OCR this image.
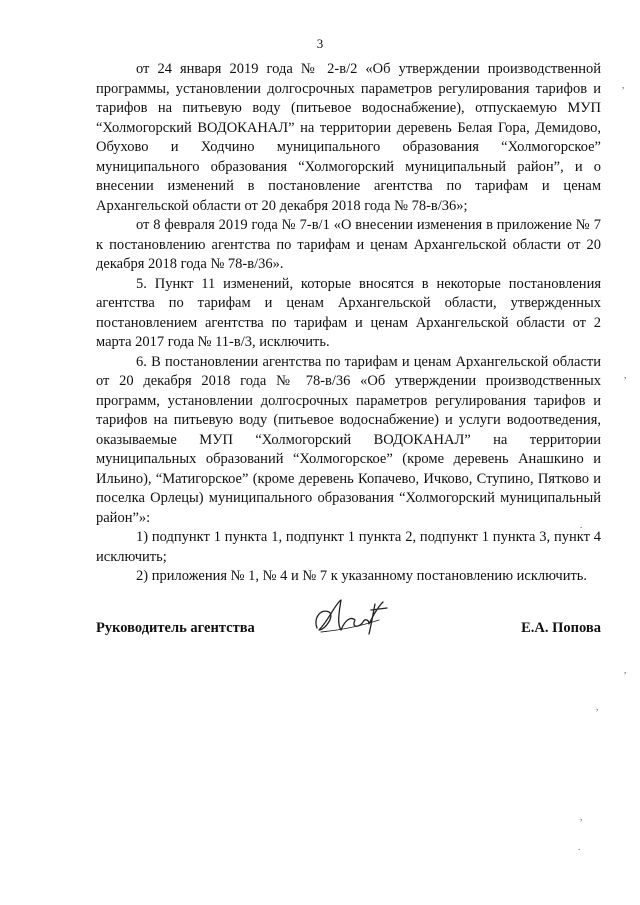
3

от 24 января 2019 года № 2-в/2 «Об утверждении производственной программы, установлении долгосрочных параметров регулирования тарифов и тарифов на питьевую воду (питьевое водоснабжение), отпускаемую МУП “Холмогорский ВОДОКАНАЛ” на территории деревень Белая Гора, Демидово, Обухово и Ходчино муниципального образования “Холмогорское” муниципального образования “Холмогорский муниципальный район”, и о внесении изменений в постановление агентства по тарифам и ценам Архангельской области от 20 декабря 2018 года № 78-в/36»;

от 8 февраля 2019 года № 7-в/1 «О внесении изменения в приложение № 7 к постановлению агентства по тарифам и ценам Архангельской области от 20 декабря 2018 года № 78-в/36».

5. Пункт 11 изменений, которые вносятся в некоторые постановления агентства по тарифам и ценам Архангельской области, утвержденных постановлением агентства по тарифам и ценам Архангельской области от 2 марта 2017 года № 11-в/3, исключить.

6. В постановлении агентства по тарифам и ценам Архангельской области от 20 декабря 2018 года № 78-в/36 «Об утверждении производственных программ, установлении долгосрочных параметров регулирования тарифов и тарифов на питьевую воду (питьевое водоснабжение) и услуги водоотведения, оказываемые МУП “Холмогорский ВОДОКАНАЛ” на территории муниципальных образований “Холмогорское” (кроме деревень Анашкино и Ильино), “Матигорское” (кроме деревень Копачево, Ичково, Ступино, Пятково и поселка Орлецы) муниципального образования “Холмогорский муниципальный район”»:

1) подпункт 1 пункта 1, подпункт 1 пункта 2, подпункт 1 пункта 3, пункт 4 исключить;

2) приложения № 1, № 4 и № 7 к указанному постановлению исключить.

Руководитель агентства	Е.А. Попова
,
,
.
,
,
,
.
